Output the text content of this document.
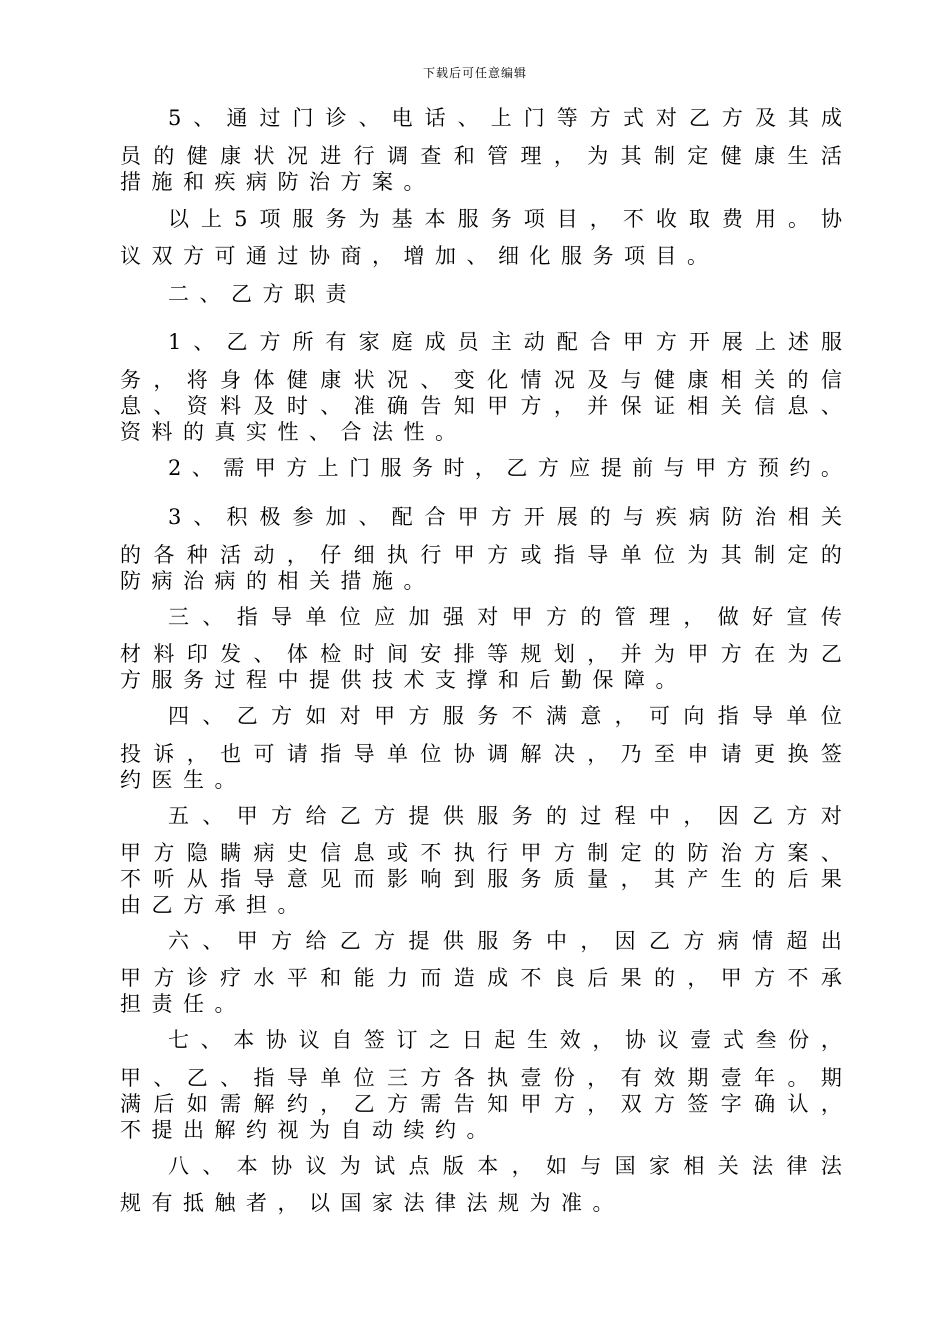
下载后可任意编辑
5 、 通 过 门 诊 、 电 话 、 上 门 等 方 式 对 乙 方 及 其 成
员 的 健 康 状 况 进 行 调 查 和 管 理 ， 为 其 制 定 健 康 生 活
措施和疾病防治方案。
以 上 5 项 服 务 为 基 本 服 务 项 目 ， 不 收 取 费 用 。 协
议双方可通过协商，增加、细化服务项目。
二、乙方职责
1 、 乙 方 所 有 家 庭 成 员 主 动 配 合 甲 方 开 展 上 述 服
务 ， 将 身 体 健 康 状 况 、 变 化 情 况 及 与 健 康 相 关 的 信
息 、 资 料 及 时 、 准 确 告 知 甲 方 ， 并 保 证 相 关 信 息 、
资料的真实性、合法性。
2 、 需 甲 方 上 门 服 务 时 ， 乙 方 应 提 前 与 甲 方 预 约 。
3 、 积 极 参 加 、 配 合 甲 方 开 展 的 与 疾 病 防 治 相 关
的 各 种 活 动 ， 仔 细 执 行 甲 方 或 指 导 单 位 为 其 制 定 的
防病治病的相关措施。
三 、 指 导 单 位 应 加 强 对 甲 方 的 管 理 ， 做 好 宣 传
材 料 印 发 、 体 检 时 间 安 排 等 规 划 ， 并 为 甲 方 在 为 乙
方服务过程中提供技术支撑和后勤保障。
四 、 乙 方 如 对 甲 方 服 务 不 满 意 ， 可 向 指 导 单 位
投 诉 ， 也 可 请 指 导 单 位 协 调 解 决 ， 乃 至 申 请 更 换 签
约医生。
五 、 甲 方 给 乙 方 提 供 服 务 的 过 程 中 ， 因 乙 方 对
甲 方 隐 瞒 病 史 信 息 或 不 执 行 甲 方 制 定 的 防 治 方 案 、
不 听 从 指 导 意 见 而 影 响 到 服 务 质 量 ， 其 产 生 的 后 果
由乙方承担。
六 、 甲 方 给 乙 方 提 供 服 务 中 ， 因 乙 方 病 情 超 出
甲 方 诊 疗 水 平 和 能 力 而 造 成 不 良 后 果 的 ， 甲 方 不 承
担责任。
七 、 本 协 议 自 签 订 之 日 起 生 效 ， 协 议 壹 式 叁 份 ，
甲 、 乙 、 指 导 单 位 三 方 各 执 壹 份 ， 有 效 期 壹 年 。 期
满 后 如 需 解 约 ， 乙 方 需 告 知 甲 方 ， 双 方 签 字 确 认 ，
不提出解约视为自动续约。
八 、 本 协 议 为 试 点 版 本 ， 如 与 国 家 相 关 法 律 法
规有抵触者，以国家法律法规为准。
